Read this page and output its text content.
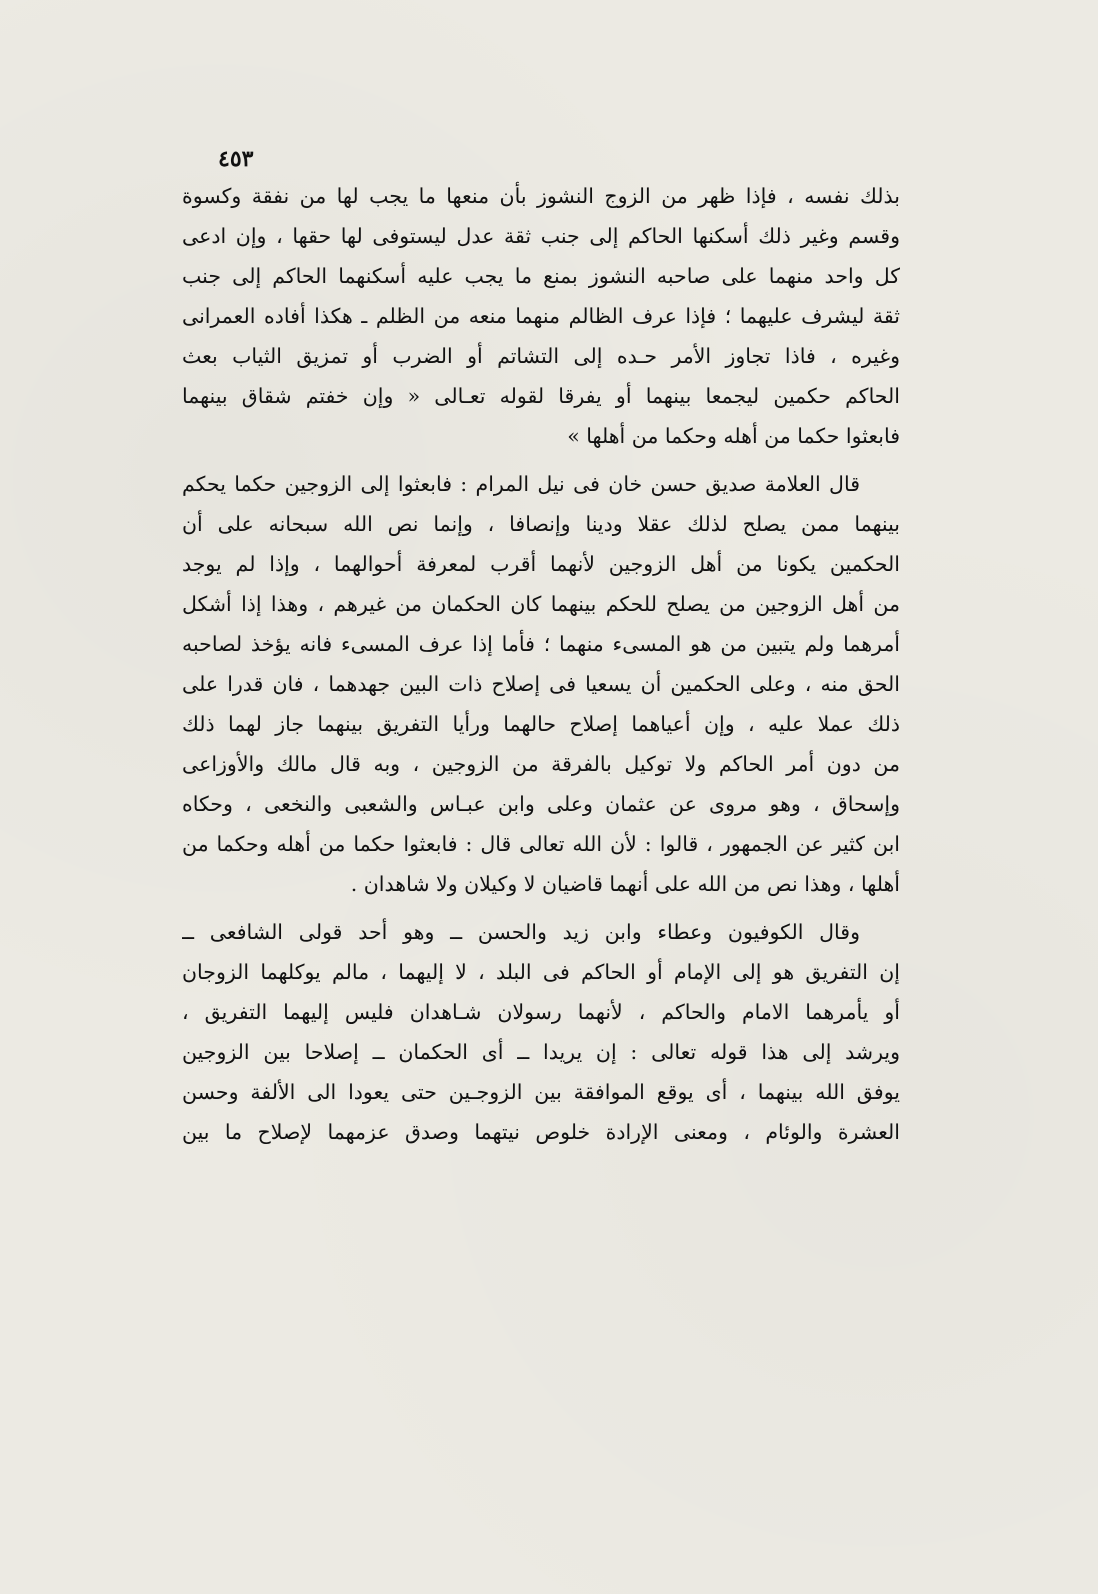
٤٥٣
بذلك نفسه ، فإذا ظهر من الزوج النشوز بأن منعها ما يجب لها من نفقة وكسوة
وقسم وغير ذلك أسكنها الحاكم إلى جنب ثقة عدل ليستوفى لها حقها ، وإن ادعى
كل واحد منهما على صاحبه النشوز بمنع ما يجب عليه أسكنهما الحاكم إلى جنب
ثقة ليشرف عليهما ؛ فإذا عرف الظالم منهما منعه من الظلم ـ هكذا أفاده العمرانى
وغيره ، فاذا تجاوز الأمر حـده إلى التشاتم أو الضرب أو تمزيق الثياب بعث
الحاكم حكمين ليجمعا بينهما أو يفرقا لقوله تعـالى « وإن خفتم شقاق بينهما
فابعثوا حكما من أهله وحكما من أهلها »
قال العلامة صديق حسن خان فى نيل المرام : فابعثوا إلى الزوجين حكما يحكم
بينهما ممن يصلح لذلك عقلا ودينا وإنصافا ، وإنما نص الله سبحانه على أن
الحكمين يكونا من أهل الزوجين لأنهما أقرب لمعرفة أحوالهما ، وإذا لم يوجد
من أهل الزوجين من يصلح للحكم بينهما كان الحكمان من غيرهم ، وهذا إذا أشكل
أمرهما ولم يتبين من هو المسىء منهما ؛ فأما إذا عرف المسىء فانه يؤخذ لصاحبه
الحق منه ، وعلى الحكمين أن يسعيا فى إصلاح ذات البين جهدهما ، فان قدرا على
ذلك عملا عليه ، وإن أعياهما إصلاح حالهما ورأيا التفريق بينهما جاز لهما ذلك
من دون أمر الحاكم ولا توكيل بالفرقة من الزوجين ، وبه قال مالك والأوزاعى
وإسحاق ، وهو مروى عن عثمان وعلى وابن عبـاس والشعبى والنخعى ، وحكاه
ابن كثير عن الجمهور ، قالوا : لأن الله تعالى قال : فابعثوا حكما من أهله وحكما من
أهلها ، وهذا نص من الله على أنهما قاضيان لا وكيلان ولا شاهدان .
وقال الكوفيون وعطاء وابن زيد والحسن ــ وهو أحد قولى الشافعى ــ
إن التفريق هو إلى الإمام أو الحاكم فى البلد ، لا إليهما ، مالم يوكلهما الزوجان
أو يأمرهما الامام والحاكم ، لأنهما رسولان شـاهدان فليس إليهما التفريق ،
ويرشد إلى هذا قوله تعالى : إن يريدا ــ أى الحكمان ــ إصلاحا بين الزوجين
يوفق الله بينهما ، أى يوقع الموافقة بين الزوجـين حتى يعودا الى الألفة وحسن
العشرة والوئام ، ومعنى الإرادة خلوص نيتهما وصدق عزمهما لإصلاح ما بين
